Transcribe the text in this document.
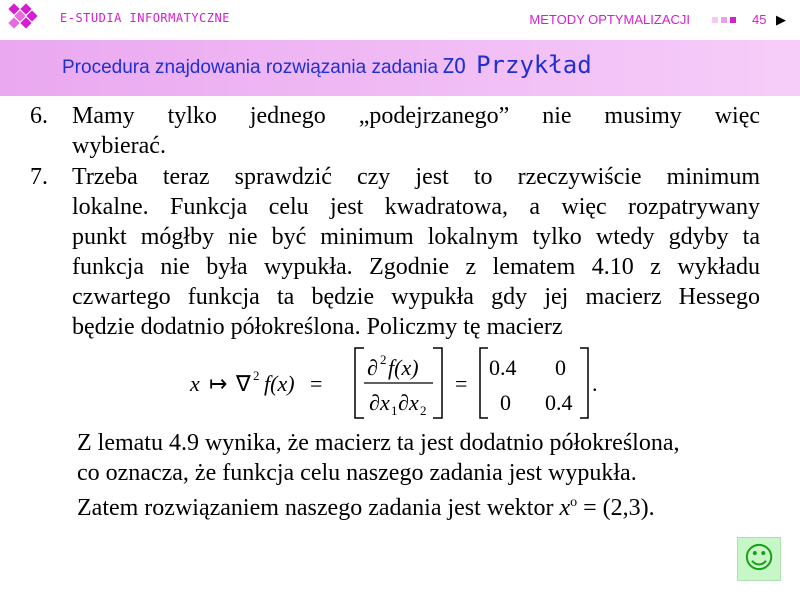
E-STUDIA INFORMATYCZNE	METODY OPTYMALIZACJI	45 ▶
Procedura znajdowania rozwiązania zadania ZO Przykład
6.	Mamy tylko jednego „podejrzanego” nie musimy więc
wybierać.
7.	Trzeba teraz sprawdzić czy jest to rzeczywiście minimum
lokalne. Funkcja celu jest kwadratowa, a więc rozpatrywany
punkt mógłby nie być minimum lokalnym tylko wtedy gdyby ta
funkcja nie była wypukła. Zgodnie z lematem 4.10 z wykładu
czwartego funkcja ta będzie wypukła gdy jej macierz Hessego
będzie dodatnio półokreślona. Policzmy tę macierz
x ↦ ∇ 2 f(x) =
∂ 2 f(x)
∂ x 1 ∂ x 2
=
0.4 0
0 0.4
.
Z lematu 4.9 wynika, że macierz ta jest dodatnio półokreślona,
co oznacza, że funkcja celu naszego zadania jest wypukła.
Zatem rozwiązaniem naszego zadania jest wektor $x^o = (2,3)$.
☺
